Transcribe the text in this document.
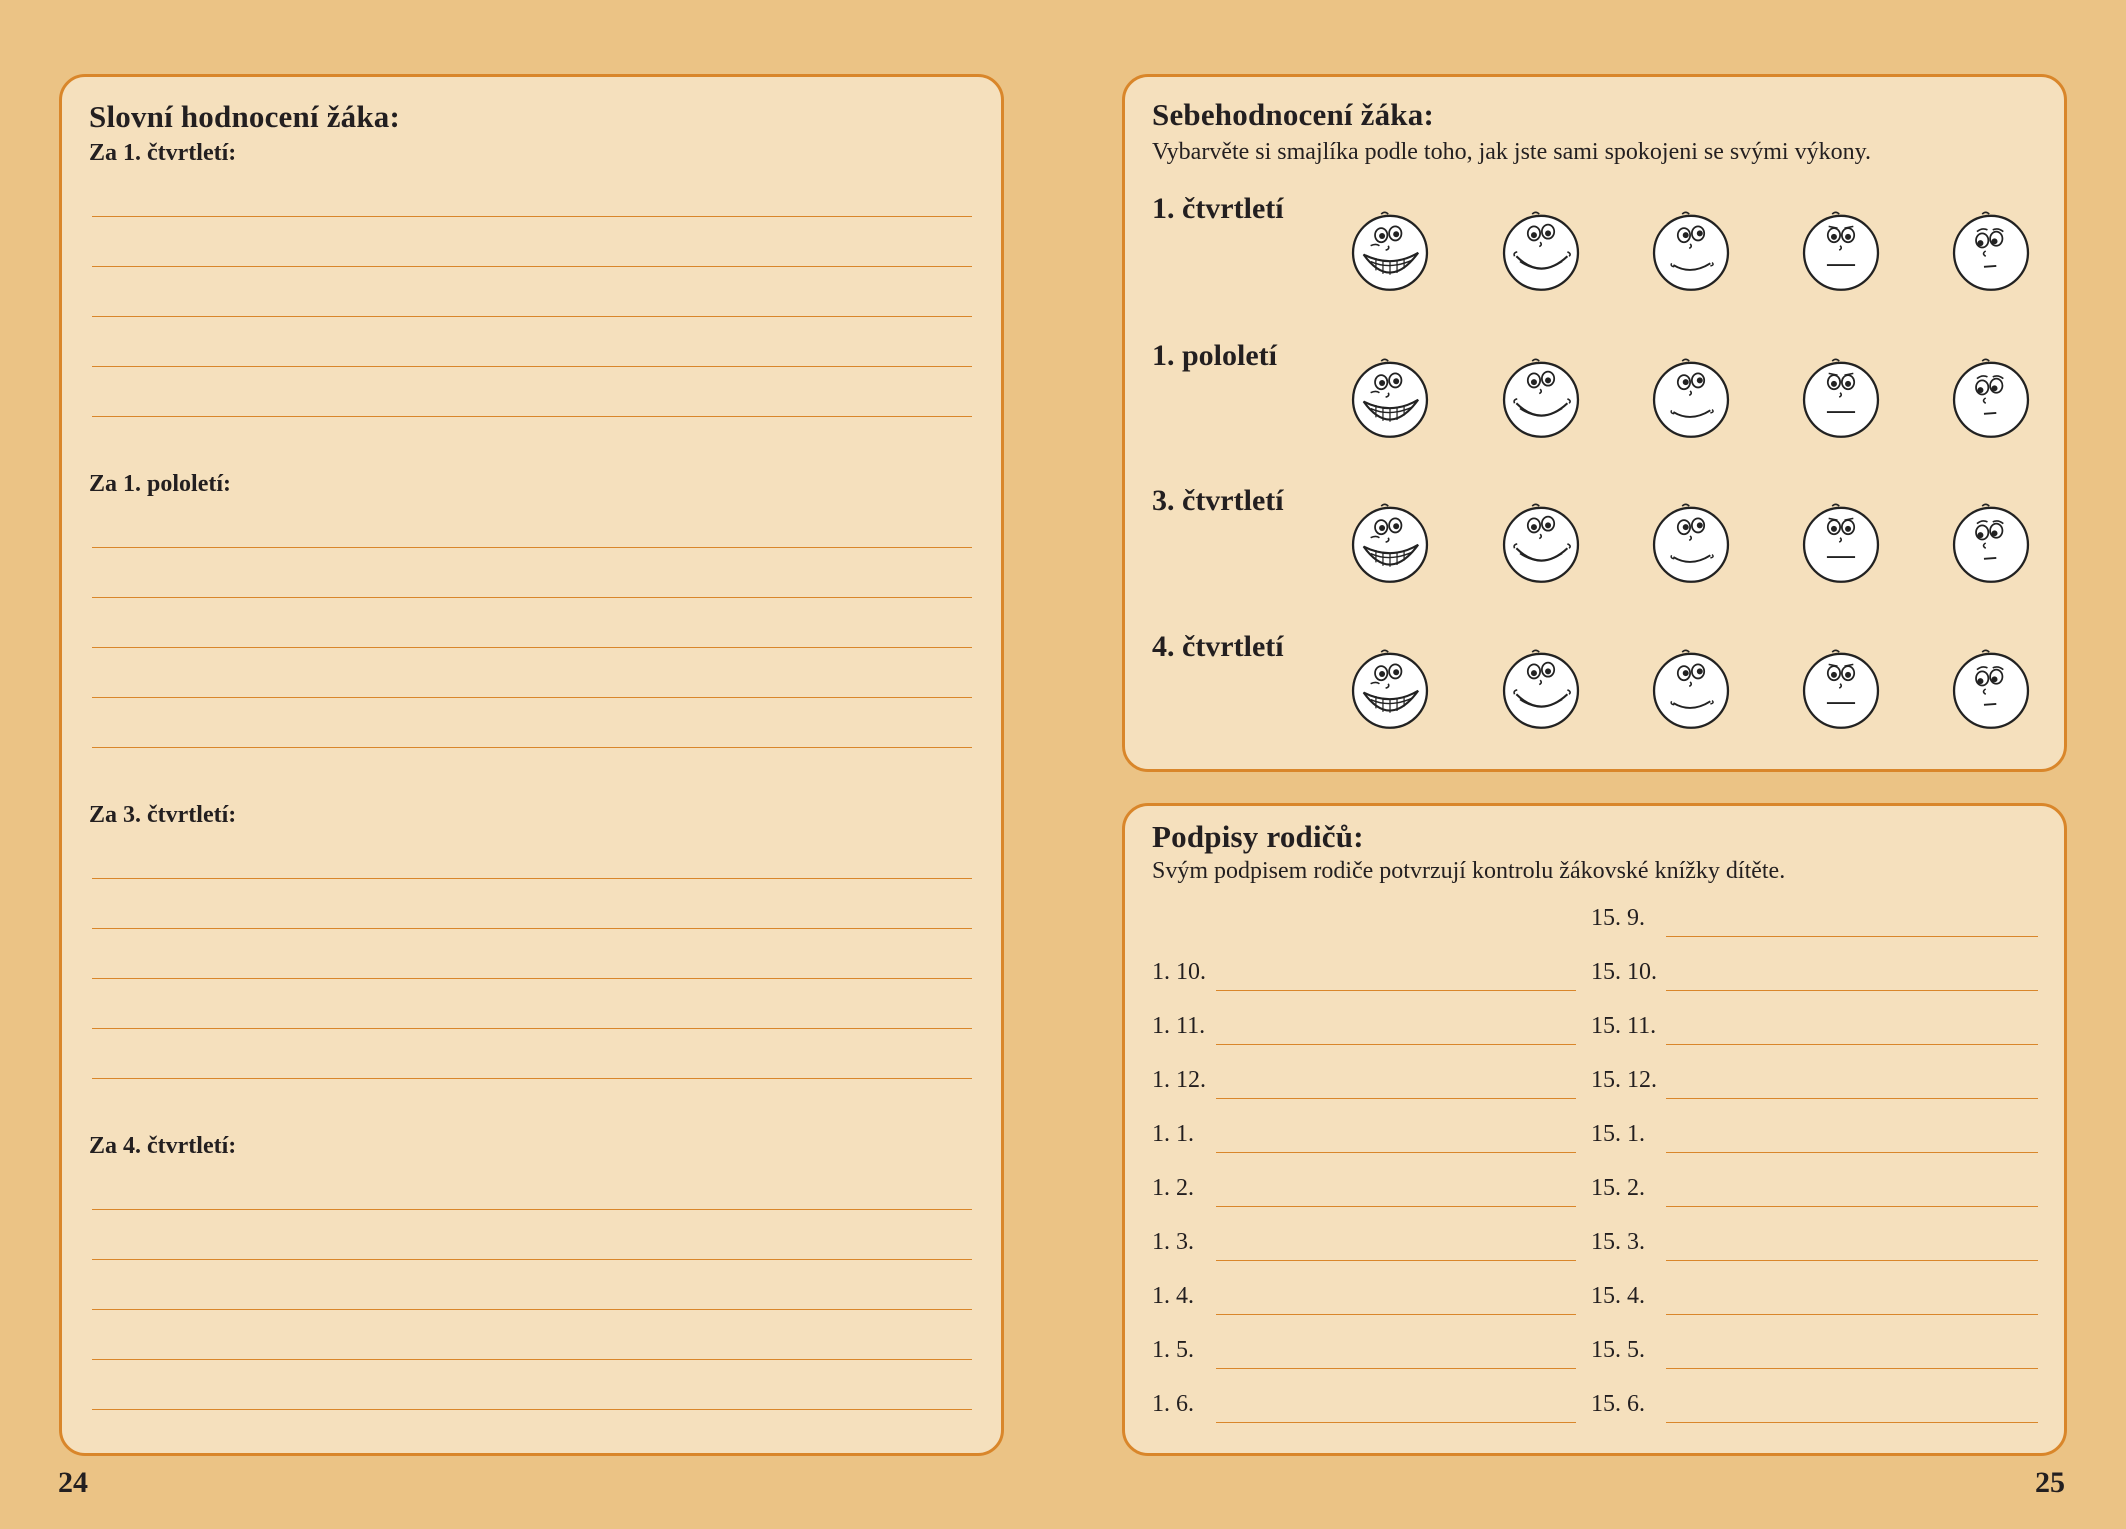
Slovní hodnocení žáka:
Za 1. čtvrtletí:
Za 1. pololetí:
Za 3. čtvrtletí:
Za 4. čtvrtletí:
Sebehodnocení žáka:
Vybarvěte si smajlíka podle toho, jak jste sami spokojeni se svými výkony.
1. čtvrtletí
1. pololetí
3. čtvrtletí
4. čtvrtletí
Podpisy rodičů:
Svým podpisem rodiče potvrzují kontrolu žákovské knížky dítěte.
15. 9.
15. 10.
15. 11.
15. 12.
15. 1.
15. 2.
15. 3.
15. 4.
15. 5.
15. 6.
1. 10.
1. 11.
1. 12.
1. 1.
1. 2.
1. 3.
1. 4.
1. 5.
1. 6.
24	25
